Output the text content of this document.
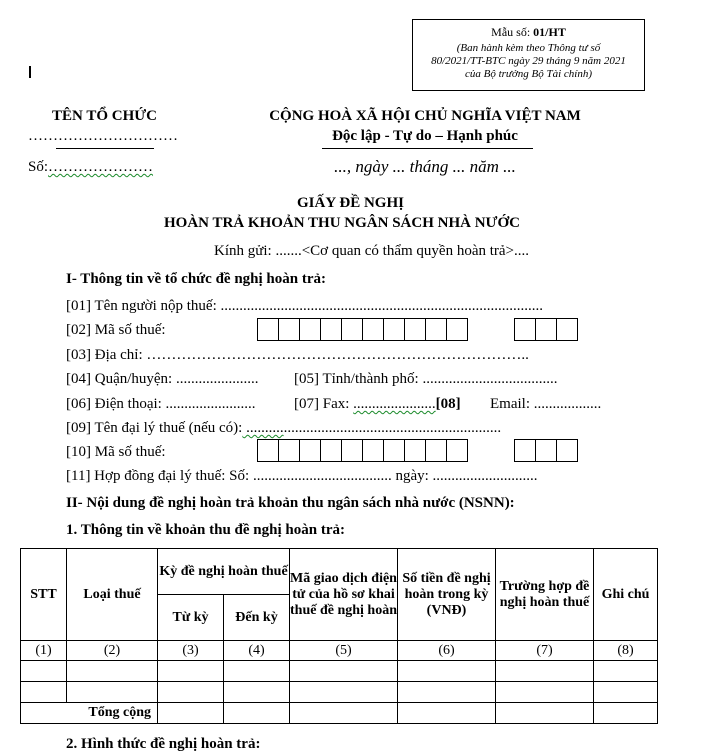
Mẫu số: 01/HT
(Ban hành kèm theo Thông tư số
80/2021/TT-BTC ngày 29 tháng 9 năm 2021
của Bộ trưởng Bộ Tài chính)
TÊN TỔ CHỨC
…………………………
Số:…………………
CỘNG HOÀ XÃ HỘI CHỦ NGHĨA VIỆT NAM
Độc lập - Tự do – Hạnh phúc
..., ngày ... tháng ... năm ...
GIẤY ĐỀ NGHỊ
HOÀN TRẢ KHOẢN THU NGÂN SÁCH NHÀ NƯỚC
Kính gửi: .......<Cơ quan có thẩm quyền hoàn trả>....
I- Thông tin về tổ chức đề nghị hoàn trả:
[01] Tên người nộp thuế: ......................................................................................
[02] Mã số thuế:
[03] Địa chỉ: …………………………………………………………………..
[04] Quận/huyện: ...................... [05] Tỉnh/thành phố: ....................................
[06] Điện thoại: ........................	[07] Fax: ......................[08] Email: ..................
[09] Tên đại lý thuế (nếu có): ....................................................................
[10] Mã số thuế:
[11] Hợp đồng đại lý thuế: Số: ..................................... ngày: ............................
II- Nội dung đề nghị hoàn trả khoản thu ngân sách nhà nước (NSNN):
1. Thông tin về khoản thu đề nghị hoàn trả:
STT	Loại thuế	Kỳ đề nghị hoàn thuế		Mã giao dịch điện tử của hồ sơ khai thuế đề nghị hoàn	Số tiền đề nghị hoàn trong kỳ (VNĐ)	Trường hợp đề nghị hoàn thuế	Ghi chú
		Từ kỳ	Đến kỳ				
(1)	(2)	(3)	(4)	(5)	(6)	(7)	(8)

Tổng cộng							
2. Hình thức đề nghị hoàn trả:
